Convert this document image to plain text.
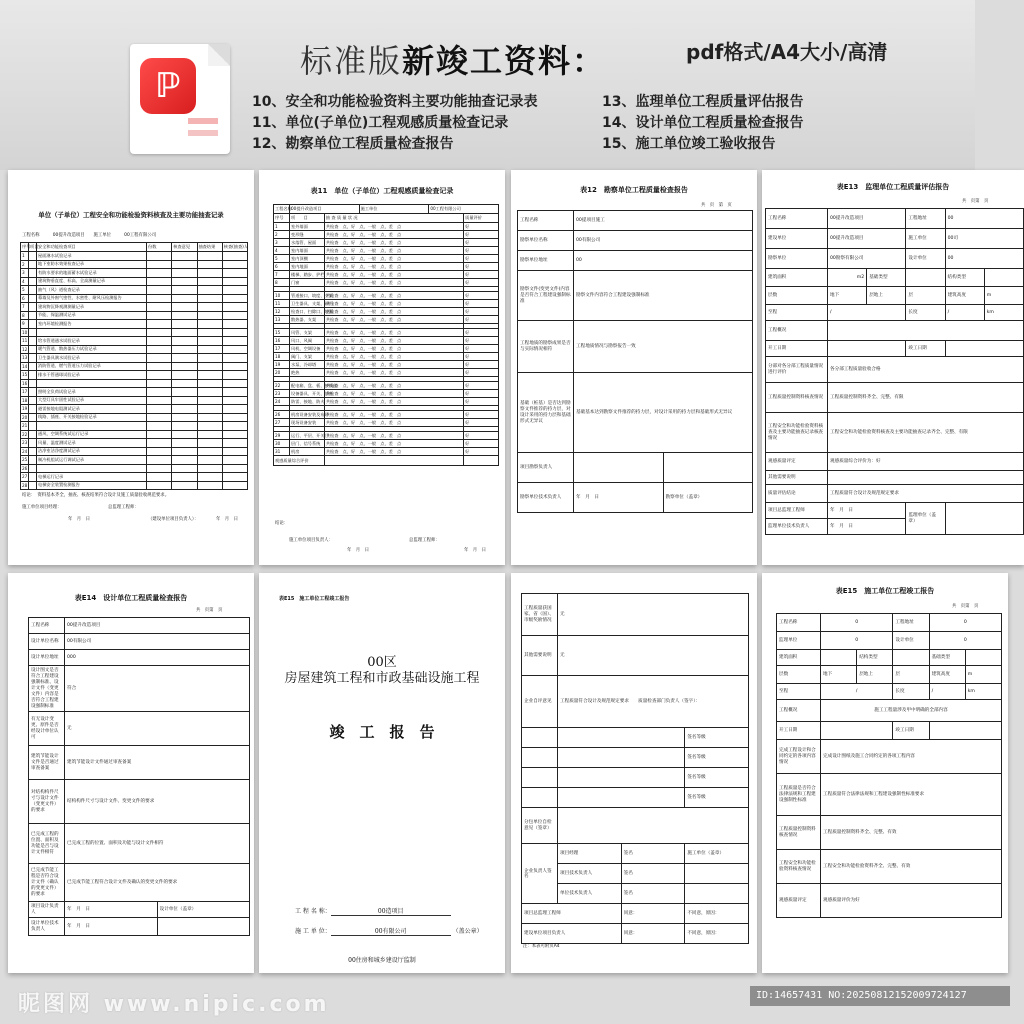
ℙ
标准版新竣工资料：	pdf格式/A4大小/高清
10、安全和功能检验资料主要功能抽查记录表
11、单位(子单位)工程观感质量检查记录
12、勘察单位工程质量检查报告
13、监理单位工程质量评估报告
14、设计单位工程质量检查报告
15、施工单位竣工验收报告
单位（子单位）工程安全和功能检验资料核查及主要功能抽查记录
工程名称　　　00提升改造项目　　施工单位　　　00工程有限公司
序号	项目	安全和功能检查项目	份数	核查意见	抽查结果	核查(抽查)人
1		屋面淋水试验记录				
2		地下室防水效果检查记录				
3		有防水要求的地面蓄水试验记录				
4		建筑物垂直度、标高、全高测量记录				
5		抽气（风）道检查记录				
6		幕墙及外窗气密性、水密性、耐风压检测报告				
7		建筑物沉降观测测量记录				
8		节能、保温测试记录				
9		室内环境检测报告				
10						
11		给水管道通水试验记录				
12		暖气管道、散热器压力试验记录				
13		卫生器具满水试验记录				
14		消防管道、燃气管道压力试验记录				
15		排水干管通球试验记录				
16						
17		照明全负荷试验记录				
18		大型灯具牢固性试验记录				
19		避雷接地电阻测试记录				
20		线路、插座、开关接地检验记录				
21						
22		通风、空调系统试运行记录				
23		风量、温度测试记录				
24		洁净室洁净度测试记录				
25		制冷机组试运行调试记录				
26						
27		电梯运行记录				
28		电梯安全装置检测报告				
结论：　资料基本齐全，抽查、核查结果符合设计及施工质量验收规范要求。
施工单位项目经理：	总监理工程师：
（建设单位项目负责人）：
年　月　日	年　月　日
表11　单位（子单位）工程观感质量检查记录
工程名称	00提升改造项目		施工单位	00工程有限公司	
序号	项　　目	抽 查 质 量 状 况			质量评价
1	室外墙面	共检查　点，好　点，一般　点，差　点			好
2	变形缝	共检查　点，好　点，一般　点，差　点			好
3	水落管、屋面	共检查　点，好　点，一般　点，差　点			好
4	室内墙面	共检查　点，好　点，一般　点，差　点			好
5	室内顶棚	共检查　点，好　点，一般　点，差　点			好
6	室内地面	共检查　点，好　点，一般　点，差　点			好
7	楼梯、踏步、护栏	共检查　点，好　点，一般　点，差　点			好
8	门窗	共检查　点，好　点，一般　点，差　点			好

10	管道接口、坡度、支架	共检查　点，好　点，一般　点，差　点			好
11	卫生器具、支架、阀门	共检查　点，好　点，一般　点，差　点			好
12	检查口、扫除口、地漏	共检查　点，好　点，一般　点，差　点			好
13	散热器、支架	共检查　点，好　点，一般　点，差　点			好

15	风管、支架	共检查　点，好　点，一般　点，差　点			好
16	风口、风阀	共检查　点，好　点，一般　点，差　点			好
17	风机、空调设备	共检查　点，好　点，一般　点，差　点			好
18	阀门、支架	共检查　点，好　点，一般　点，差　点			好
19	水泵、冷却塔	共检查　点，好　点，一般　点，差　点			好
20	绝热	共检查　点，好　点，一般　点，差　点			好

22	配电箱、盘、板、接线盒	共检查　点，好　点，一般　点，差　点			好
23	设备器具、开关、插座	共检查　点，好　点，一般　点，差　点			好
24	防雷、接地、防火	共检查　点，好　点，一般　点，差　点			好

26	机房设备安装及布局	共检查　点，好　点，一般　点，差　点			好
27	现场设备安装	共检查　点，好　点，一般　点，差　点			好

29	运行、平层、开关门	共检查　点，好　点，一般　点，差　点			好
30	层门、信号系统	共检查　点，好　点，一般　点，差　点			好
31	机房	共检查　点，好　点，一般　点，差　点			好
观感质量综合评价					
结论：
施工单位项目负责人：	总监理工程师：
年　月　日	年　月　日
表12　勘察单位工程质量检查报告
共　页　第　页
工程名称	00提项目施工	
勘察单位名称	00有限公司	
勘察单位地址	00	
勘察文件(变更文件)内容是否符合工程建设强制标准	勘察文件内容符合工程建设强制标准	
工程地质的勘察成果是否与实际情况相符	工程地质情况与勘察报告一致	
基础（桩基）是否达到勘察文件推荐的持力层，对设计采用的持力层和基础形式无异议	基础基本达到勘察文件推荐的持力层，对设计采用的持力层和基础形式无异议	
项目勘察负责人		
勘察单位技术负责人	年　月　日	勘察单位（盖章）
表E13　监理单位工程质量评估报告
共　页第　页
工程名称	00提升改造项目		工程地址	00	
建设单位	00提升改造项目		施工单位	00司	
勘察单位	00勘察有限公司		设计单位	00	
建筑面积	m2	基础类型		结构类型	
层数	地下	层地上	层	建筑高度	m
至程	/		长度	/	km
工程概况					
开工日期			竣工日期		
分部对各分部工程质量情况进行评价	各分部工程质量验收合格				
工程质量控制资料核查情况	工程质量控制资料齐全、完整、有限				
工程安全和功能检验资料核查及主要功能抽查记录核查情况	工程安全和功能检验资料核查及主要功能抽查记录齐全、完整、有限				
观感质量评定	观感质量综合评价为：好				
其他需要说明					
质量评估结论	工程质量符合设计及规范规定要求				
项目总监理工程师	年　月　日		监理单位（盖章）		
监理单位技术负责人	年　月　日				
表E14　设计单位工程质量检查报告
共　页第　页
工程名称	00提升改造项目	
设计单位名称	00有限公司	
设计单位地址	000	
设计图文是否符合工程建设强制标准、设计文件（变更文件）内容是否符合工程建设强制标准	符合	
有无设计变更、原件是否经设计单位认可	无	
建筑节能设计文件是否通过审查备案	建筑节能设计文件通过审查备案	
对结构构件尺寸与设计文件（变更文件）的要求	结构构件尺寸与设计文件、变更文件的要求	
已完成工程的位置、面积及功能是否与设计文件相符	已完成工程的位置、面积及功能与设计文件相符	
已完成节能工程是否符合设计文件（确认的变更文件）的要求	已完成节能工程符合设计文件及确认的变更文件的要求	
项目设计负责人	年　月　日	设计单位（盖章）
设计单位技术负责人	年　月　日	
表E15　施工单位工程竣工报告
00区
房屋建筑工程和市政基础设施工程
竣　工　报　告
工 程 名 称：	00造项目
施 工 单 位：	00有限公司	（盖公章）
00住房和城乡建设厅监制
工程质量获国家、省（国）、市级奖励情况	无		
其他需要说明	无		
企业自评意见	工程质量符合设计及规范规定要求　　质量检查部门负责人（签字）：		
			签名等级
			签名等级
			签名等级
			签名等级
分包单位自检意见（签章）			
企业负责人签名	项目经理	签名	施工单位（盖章）
	项目技术负责人	签名	
	单位技术负责人	签名	
项目总监理工程师		同意：	不同意，原因：
建设单位项目负责人		同意：	不同意，原因：
注：本表可附页A4
表E15　施工单位工程竣工报告
共　页第　页
工程名称	0		工程地址	0	
监理单位	0		设计单位	0	
建筑面积		结构类型		基础类型	
层数	地下	层地上	层	建筑高度	m
至程	/		长度	/	km
工程概况	施工工程量涉及甲中明确的全部内容				
开工日期			竣工日期		
完成工程设计和合同约定的各项内容情况	完成设计图纸及施工合同约定的各项工程内容				
工程质量是否符合法律法规和工程建设强制性标准	工程质量符合法律法规和工程建设强制性标准要求				
工程质量控制资料核查情况	工程质量控制资料齐全、完整、有效				
工程安全和功能检验资料核查情况	工程安全和功能检验资料齐全、完整、有效				
观感质量评定	观感质量评价为好				
昵图网 www.nipic.com	ID:14657431 NO:20250812152009724127
